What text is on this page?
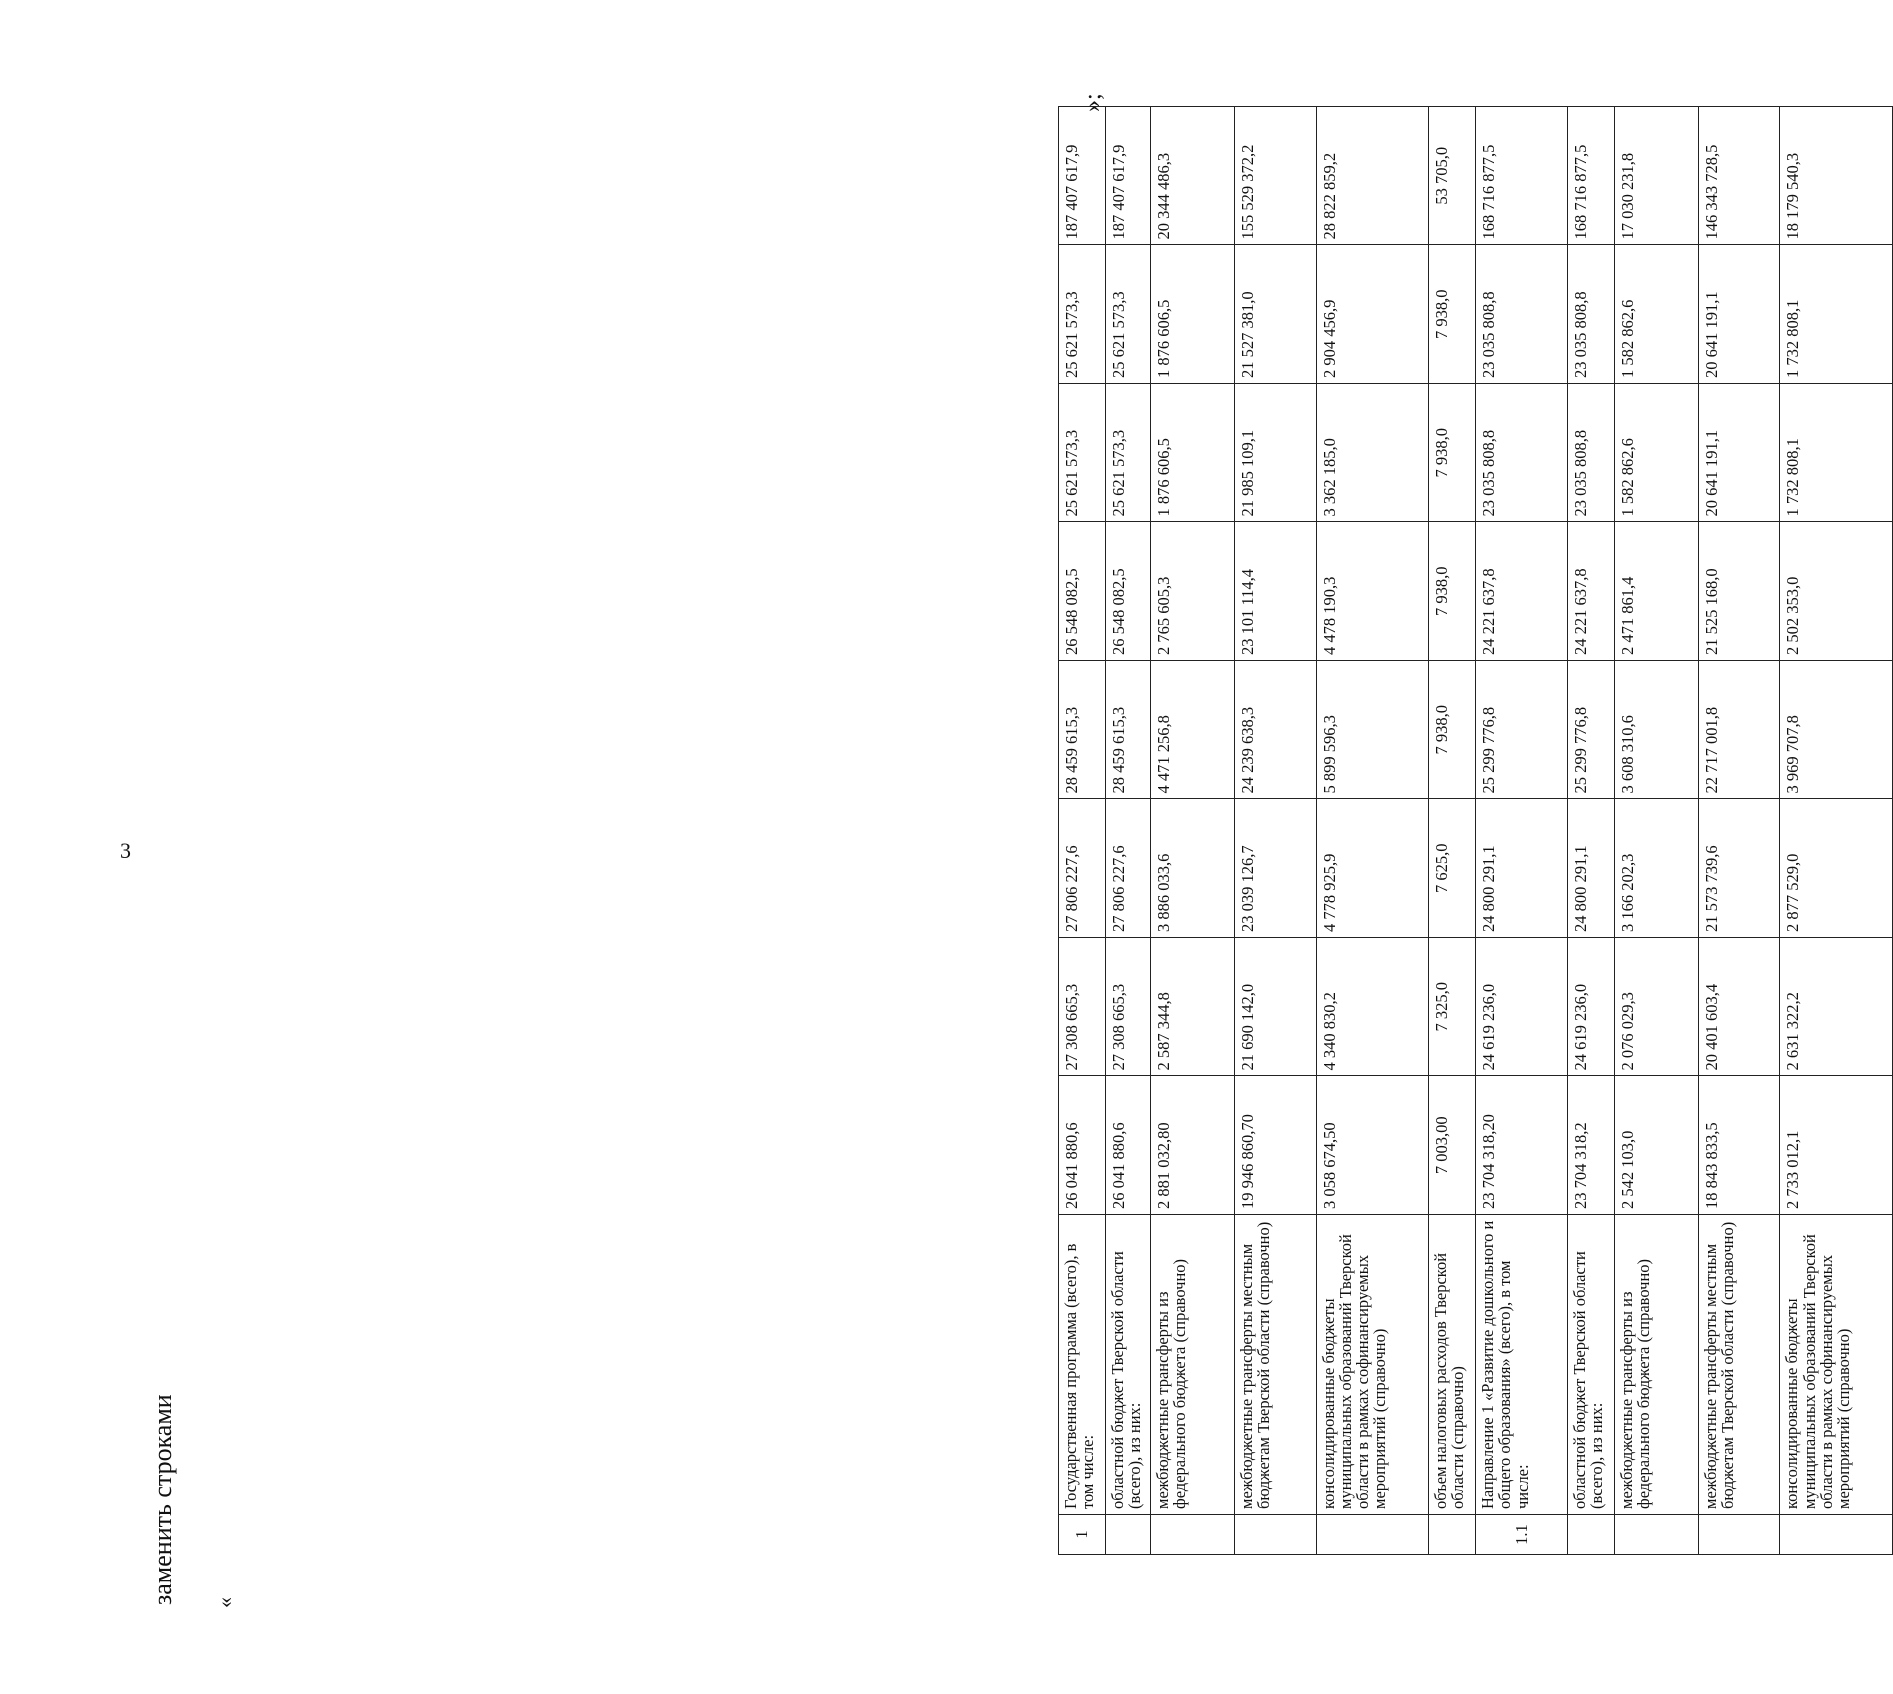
3
заменить строками «
»;
1	Государственная программа (всего), в том числе:	26 041 880,6	27 308 665,3	27 806 227,6	28 459 615,3	26 548 082,5	25 621 573,3	25 621 573,3	187 407 617,9
	областной бюджет Тверской области (всего), из них:	26 041 880,6	27 308 665,3	27 806 227,6	28 459 615,3	26 548 082,5	25 621 573,3	25 621 573,3	187 407 617,9
	межбюджетные трансферты из федерального бюджета (справочно)	2 881 032,80	2 587 344,8	3 886 033,6	4 471 256,8	2 765 605,3	1 876 606,5	1 876 606,5	20 344 486,3
	межбюджетные трансферты местным бюджетам Тверской области (справочно)	19 946 860,70	21 690 142,0	23 039 126,7	24 239 638,3	23 101 114,4	21 985 109,1	21 527 381,0	155 529 372,2
	консолидированные бюджеты муниципальных образований Тверской области в рамках софинансируемых мероприятий (справочно)	3 058 674,50	4 340 830,2	4 778 925,9	5 899 596,3	4 478 190,3	3 362 185,0	2 904 456,9	28 822 859,2
	объем налоговых расходов Тверской области (справочно)	7 003,00	7 325,0	7 625,0	7 938,0	7 938,0	7 938,0	7 938,0	53 705,0
1.1	Направление 1 «Развитие дошкольного и общего образования» (всего), в том числе:	23 704 318,20	24 619 236,0	24 800 291,1	25 299 776,8	24 221 637,8	23 035 808,8	23 035 808,8	168 716 877,5
	областной бюджет Тверской области (всего), из них:	23 704 318,2	24 619 236,0	24 800 291,1	25 299 776,8	24 221 637,8	23 035 808,8	23 035 808,8	168 716 877,5
	межбюджетные трансферты из федерального бюджета (справочно)	2 542 103,0	2 076 029,3	3 166 202,3	3 608 310,6	2 471 861,4	1 582 862,6	1 582 862,6	17 030 231,8
	межбюджетные трансферты местным бюджетам Тверской области (справочно)	18 843 833,5	20 401 603,4	21 573 739,6	22 717 001,8	21 525 168,0	20 641 191,1	20 641 191,1	146 343 728,5
	консолидированные бюджеты муниципальных образований Тверской области в рамках софинансируемых мероприятий (справочно)	2 733 012,1	2 631 322,2	2 877 529,0	3 969 707,8	2 502 353,0	1 732 808,1	1 732 808,1	18 179 540,3
